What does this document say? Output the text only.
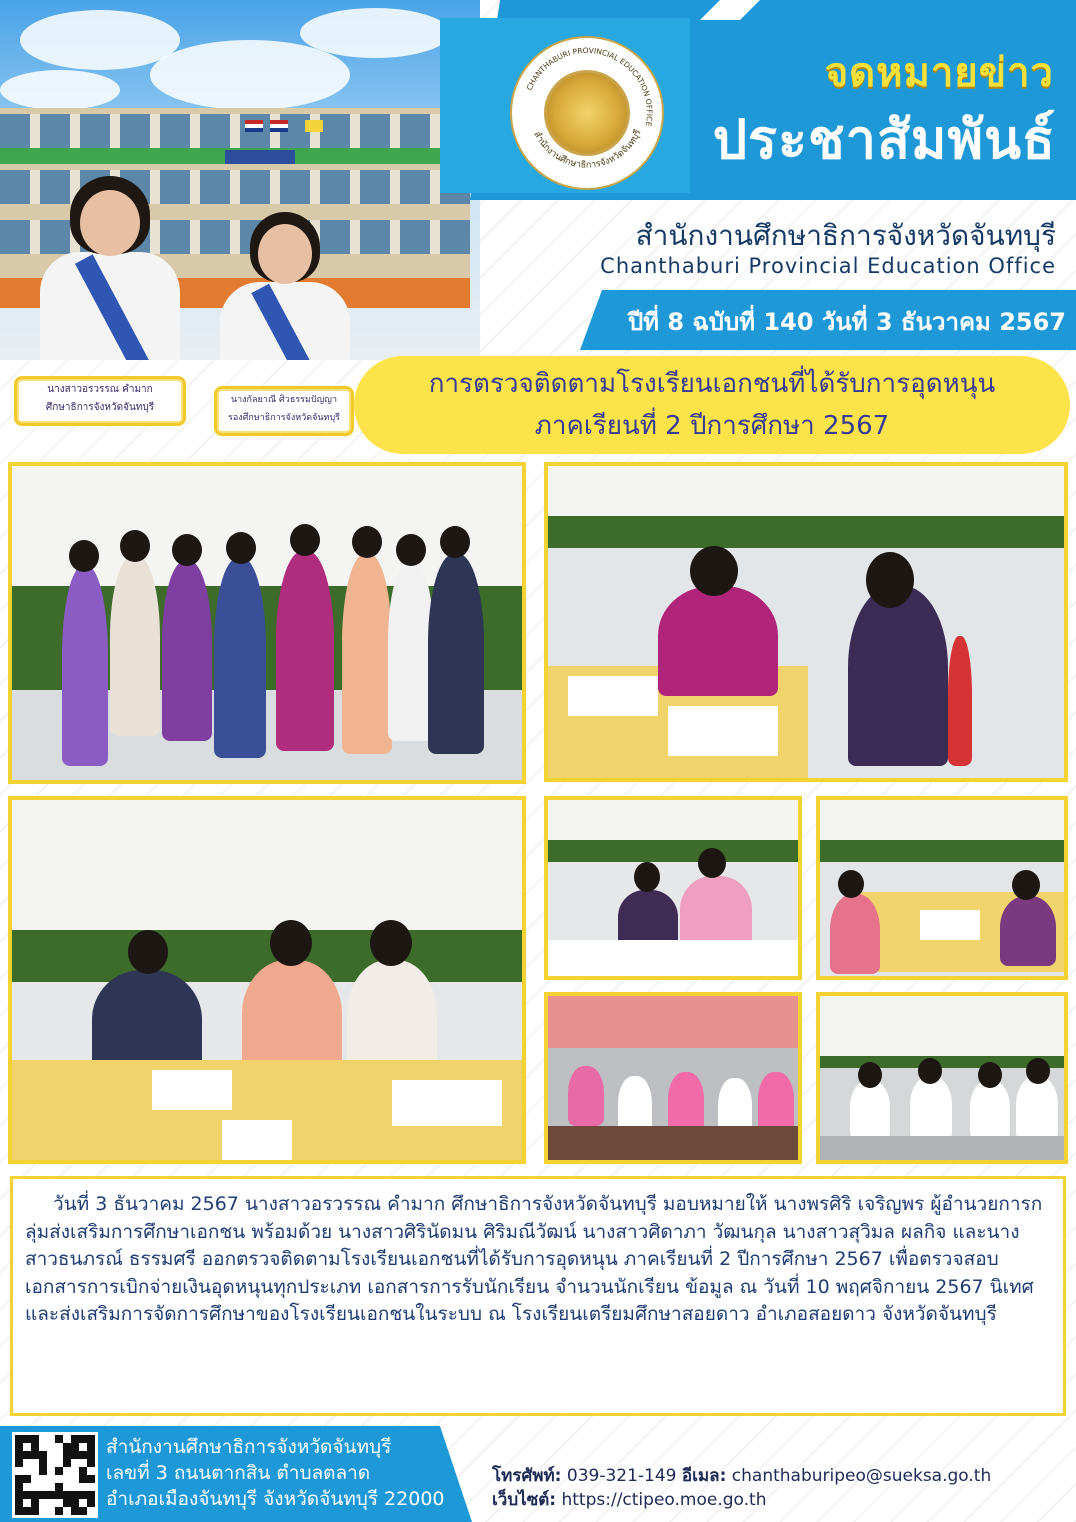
นางสาวอรวรรณ คำมาก
ศึกษาธิการจังหวัดจันทบุรี
นางกัลยาณี ศิวธรรมปัญญา
รองศึกษาธิการจังหวัดจันทบุรี
CHANTHABURI PROVINCIAL EDUCATION OFFICE
สำนักงานศึกษาธิการจังหวัดจันทบุรี
จดหมายข่าว
ประชาสัมพันธ์
สำนักงานศึกษาธิการจังหวัดจันทบุรี
Chanthaburi Provincial Education Office
ปีที่ 8 ฉบับที่ 140 วันที่ 3 ธันวาคม 2567
การตรวจติดตามโรงเรียนเอกชนที่ได้รับการอุดหนุน
ภาคเรียนที่ 2 ปีการศึกษา 2567
วันที่ 3 ธันวาคม 2567 นางสาวอรวรรณ คำมาก ศึกษาธิการจังหวัดจันทบุรี มอบหมายให้ นางพรศิริ เจริญพร ผู้อำนวยการกลุ่มส่งเสริมการศึกษาเอกชน พร้อมด้วย นางสาวศิรินัดมน ศิริมณีวัฒน์ นางสาวศิดาภา วัฒนกุล นางสาวสุวิมล ผลกิจ และนางสาวธนภรณ์ ธรรมศรี ออกตรวจติดตามโรงเรียนเอกชนที่ได้รับการอุดหนุน ภาคเรียนที่ 2 ปีการศึกษา 2567 เพื่อตรวจสอบเอกสารการเบิกจ่ายเงินอุดหนุนทุกประเภท เอกสารการรับนักเรียน จำนวนนักเรียน ข้อมูล ณ วันที่ 10 พฤศจิกายน 2567 นิเทศ และส่งเสริมการจัดการศึกษาของโรงเรียนเอกชนในระบบ ณ โรงเรียนเตรียมศึกษาสอยดาว อำเภอสอยดาว จังหวัดจันทบุรี
สำนักงานศึกษาธิการจังหวัดจันทบุรี
เลขที่ 3 ถนนตากสิน ตำบลตลาด
อำเภอเมืองจันทบุรี จังหวัดจันทบุรี 22000
โทรศัพท์: 039-321-149 อีเมล: chanthaburipeo@sueksa.go.th
เว็บไซต์: https://ctipeo.moe.go.th
